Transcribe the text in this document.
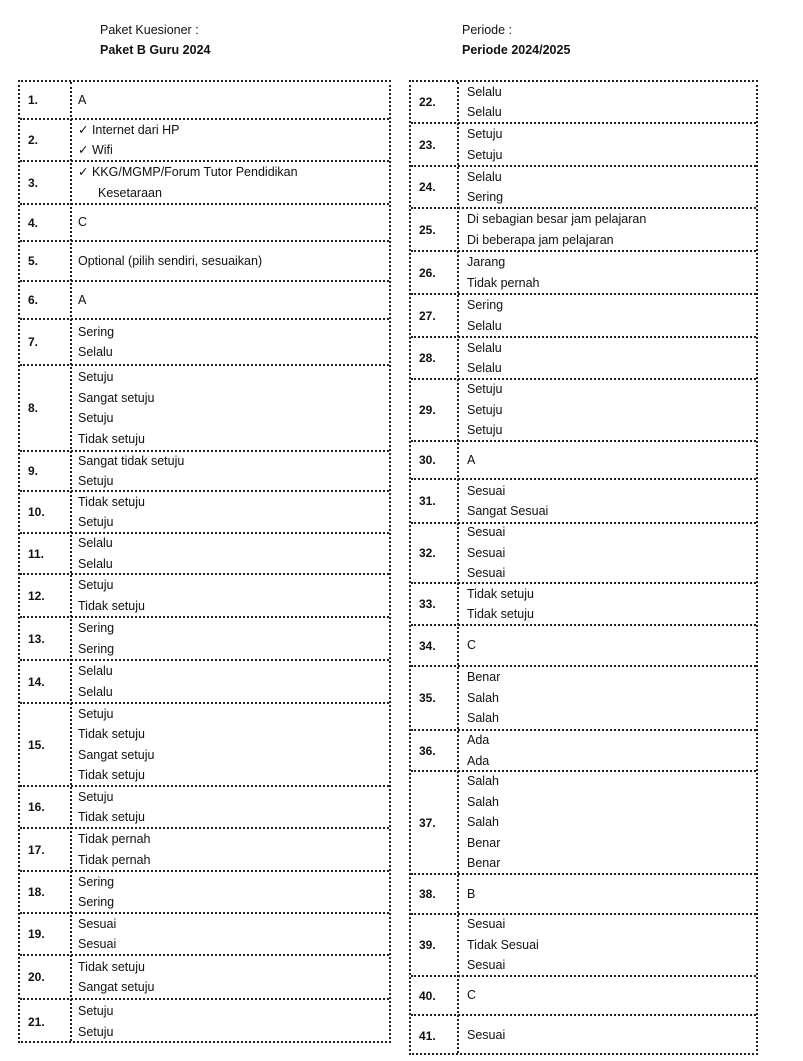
Paket Kuesioner :
Paket B Guru 2024
Periode :
Periode 2024/2025
1.	A
2.
✓ Internet dari HP
✓ Wifi
3.
✓ KKG/MGMP/Forum Tutor Pendidikan
Kesetaraan
4.	C
5.	Optional (pilih sendiri, sesuaikan)
6.	A
7.
Sering
Selalu
8.
Setuju
Sangat setuju
Setuju
Tidak setuju
9.
Sangat tidak setuju
Setuju
10.
Tidak setuju
Setuju
11.
Selalu
Selalu
12.
Setuju
Tidak setuju
13.
Sering
Sering
14.
Selalu
Selalu
15.
Setuju
Tidak setuju
Sangat setuju
Tidak setuju
16.
Setuju
Tidak setuju
17.
Tidak pernah
Tidak pernah
18.
Sering
Sering
19.
Sesuai
Sesuai
20.
Tidak setuju
Sangat setuju
21.
Setuju
Setuju
22.
Selalu
Selalu
23.
Setuju
Setuju
24.
Selalu
Sering
25.
Di sebagian besar jam pelajaran
Di beberapa jam pelajaran
26.
Jarang
Tidak pernah
27.
Sering
Selalu
28.
Selalu
Selalu
29.
Setuju
Setuju
Setuju
30.	A
31.
Sesuai
Sangat Sesuai
32.
Sesuai
Sesuai
Sesuai
33.
Tidak setuju
Tidak setuju
34.	C
35.
Benar
Salah
Salah
36.
Ada
Ada
37.
Salah
Salah
Salah
Benar
Benar
38.	B
39.
Sesuai
Tidak Sesuai
Sesuai
40.	C
41.	Sesuai
